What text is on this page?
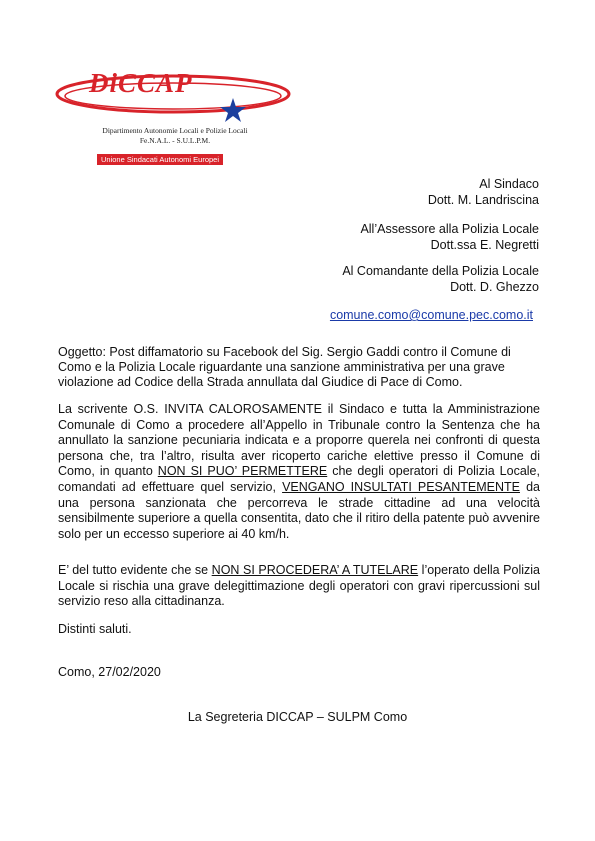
DiCCAP
Dipartimento Autonomie Locali e Polizie Locali
Fe.N.A.L. - S.U.L.P.M.
Unione Sindacati Autonomi Europei
Al Sindaco
Dott. M. Landriscina
All’Assessore alla Polizia Locale
Dott.ssa E. Negretti
Al Comandante della Polizia Locale
Dott. D. Ghezzo
comune.como@comune.pec.como.it
Oggetto: Post diffamatorio su Facebook del Sig. Sergio Gaddi contro il Comune di Como e la Polizia Locale riguardante una sanzione amministrativa per una grave violazione ad Codice della Strada annullata dal Giudice di Pace di Como.
La scrivente O.S. INVITA CALOROSAMENTE il Sindaco e tutta la Amministrazione Comunale di Como a procedere all’Appello in Tribunale contro la Sentenza che ha annullato la sanzione pecuniaria indicata e a proporre querela nei confronti di questa persona che, tra l’altro, risulta aver ricoperto cariche elettive presso il Comune di Como, in quanto NON SI PUO’ PERMETTERE che degli operatori di Polizia Locale, comandati ad effettuare quel servizio, VENGANO INSULTATI PESANTEMENTE da una persona sanzionata che percorreva le strade cittadine ad una velocità sensibilmente superiore a quella consentita, dato che il ritiro della patente può avvenire solo per un eccesso superiore ai 40 km/h.
E’ del tutto evidente che se NON SI PROCEDERA’ A TUTELARE l’operato della Polizia Locale si rischia una grave delegittimazione degli operatori con gravi ripercussioni sul servizio reso alla cittadinanza.
Distinti saluti.
Como, 27/02/2020
La Segreteria DICCAP – SULPM Como
